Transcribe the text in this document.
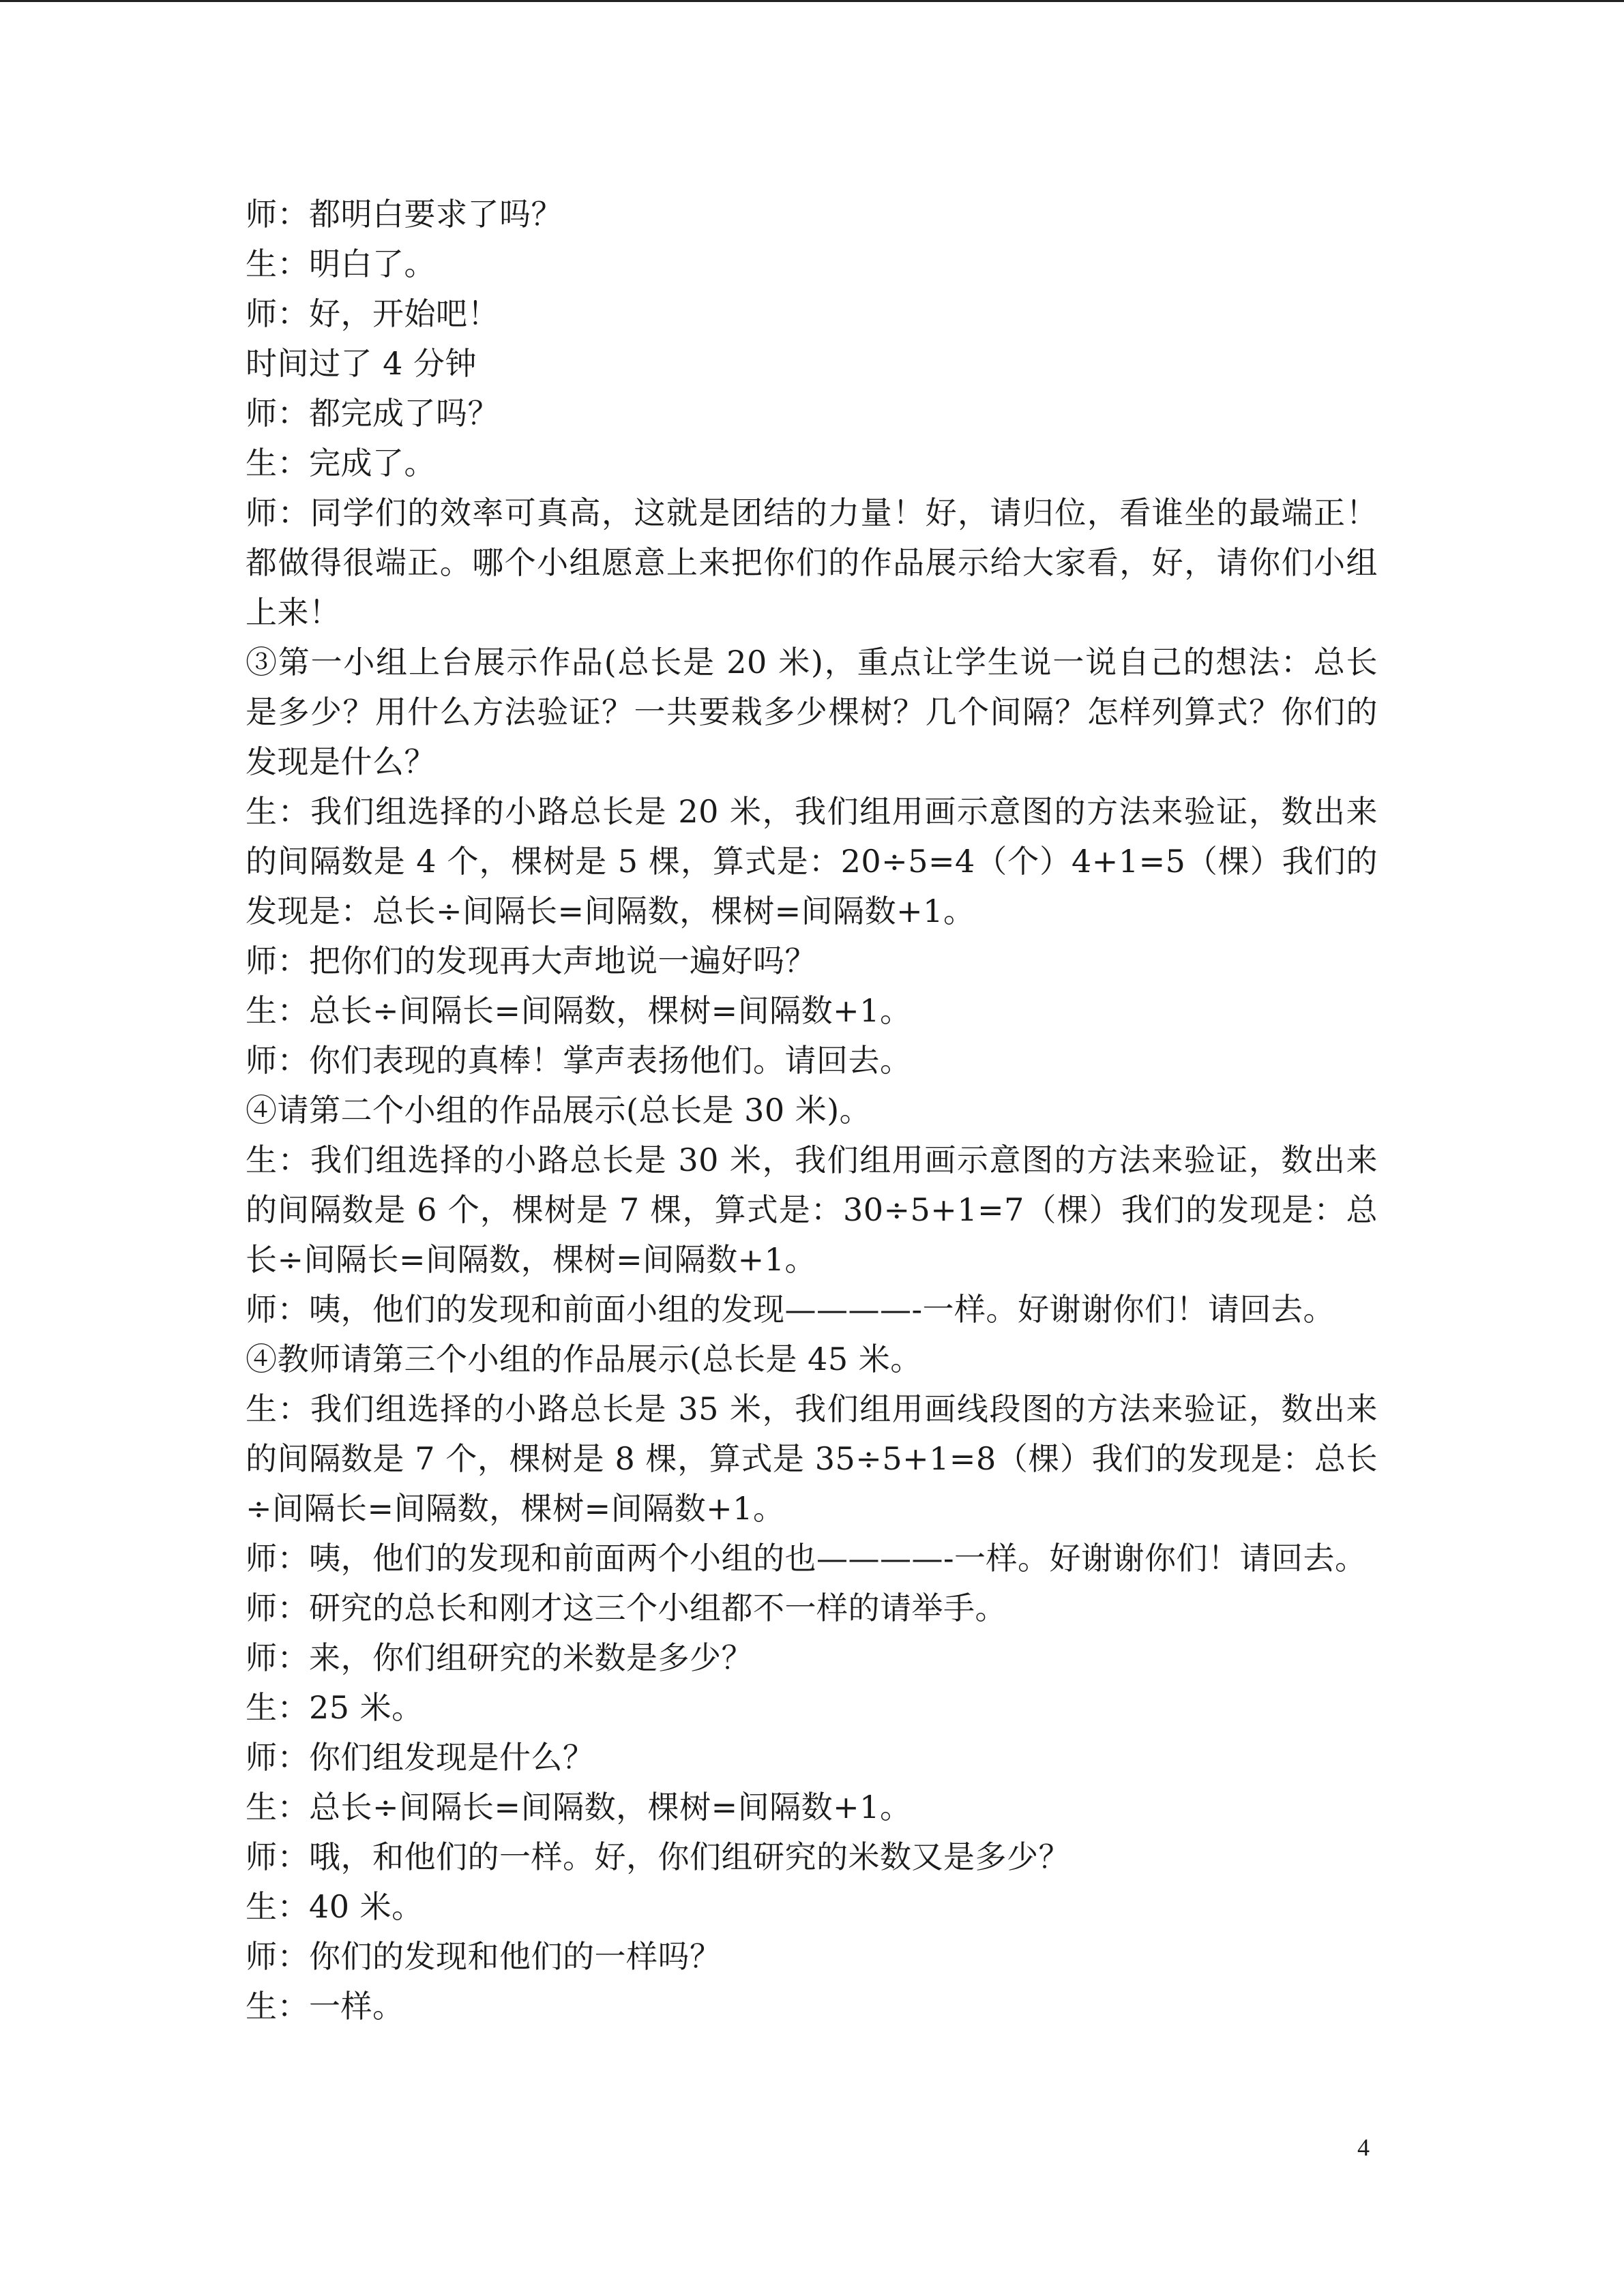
师：都明白要求了吗？

生：明白了。

师：好，开始吧！

时间过了 4 分钟

师：都完成了吗？

生：完成了。

师：同学们的效率可真高，这就是团结的力量！好，请归位，看谁坐的最端正！都做得很端正。哪个小组愿意上来把你们的作品展示给大家看，好，请你们小组上来！

③第一小组上台展示作品(总长是 20 米)，重点让学生说一说自己的想法：总长是多少？用什么方法验证？一共要栽多少棵树？几个间隔？怎样列算式？你们的发现是什么？

生：我们组选择的小路总长是 20 米，我们组用画示意图的方法来验证，数出来的间隔数是 4 个，棵树是 5 棵，算式是：20÷5=4（个）4+1=5（棵）我们的发现是：总长÷间隔长=间隔数，棵树=间隔数+1。

师：把你们的发现再大声地说一遍好吗？

生：总长÷间隔长=间隔数，棵树=间隔数+1。

师：你们表现的真棒！掌声表扬他们。请回去。

④请第二个小组的作品展示(总长是 30 米)。

生：我们组选择的小路总长是 30 米，我们组用画示意图的方法来验证，数出来的间隔数是 6 个，棵树是 7 棵，算式是：30÷5+1=7（棵）我们的发现是：总长÷间隔长=间隔数，棵树=间隔数+1。

师：咦，他们的发现和前面小组的发现————-一样。好谢谢你们！请回去。

④教师请第三个小组的作品展示(总长是 45 米。

生：我们组选择的小路总长是 35 米，我们组用画线段图的方法来验证，数出来的间隔数是 7 个，棵树是 8 棵，算式是 35÷5+1=8（棵）我们的发现是：总长÷间隔长=间隔数，棵树=间隔数+1。

师：咦，他们的发现和前面两个小组的也————-一样。好谢谢你们！请回去。

师：研究的总长和刚才这三个小组都不一样的请举手。

师：来，你们组研究的米数是多少？

生：25 米。

师：你们组发现是什么？

生：总长÷间隔长=间隔数，棵树=间隔数+1。

师：哦，和他们的一样。好，你们组研究的米数又是多少？

生：40 米。

师：你们的发现和他们的一样吗？

生：一样。

4
